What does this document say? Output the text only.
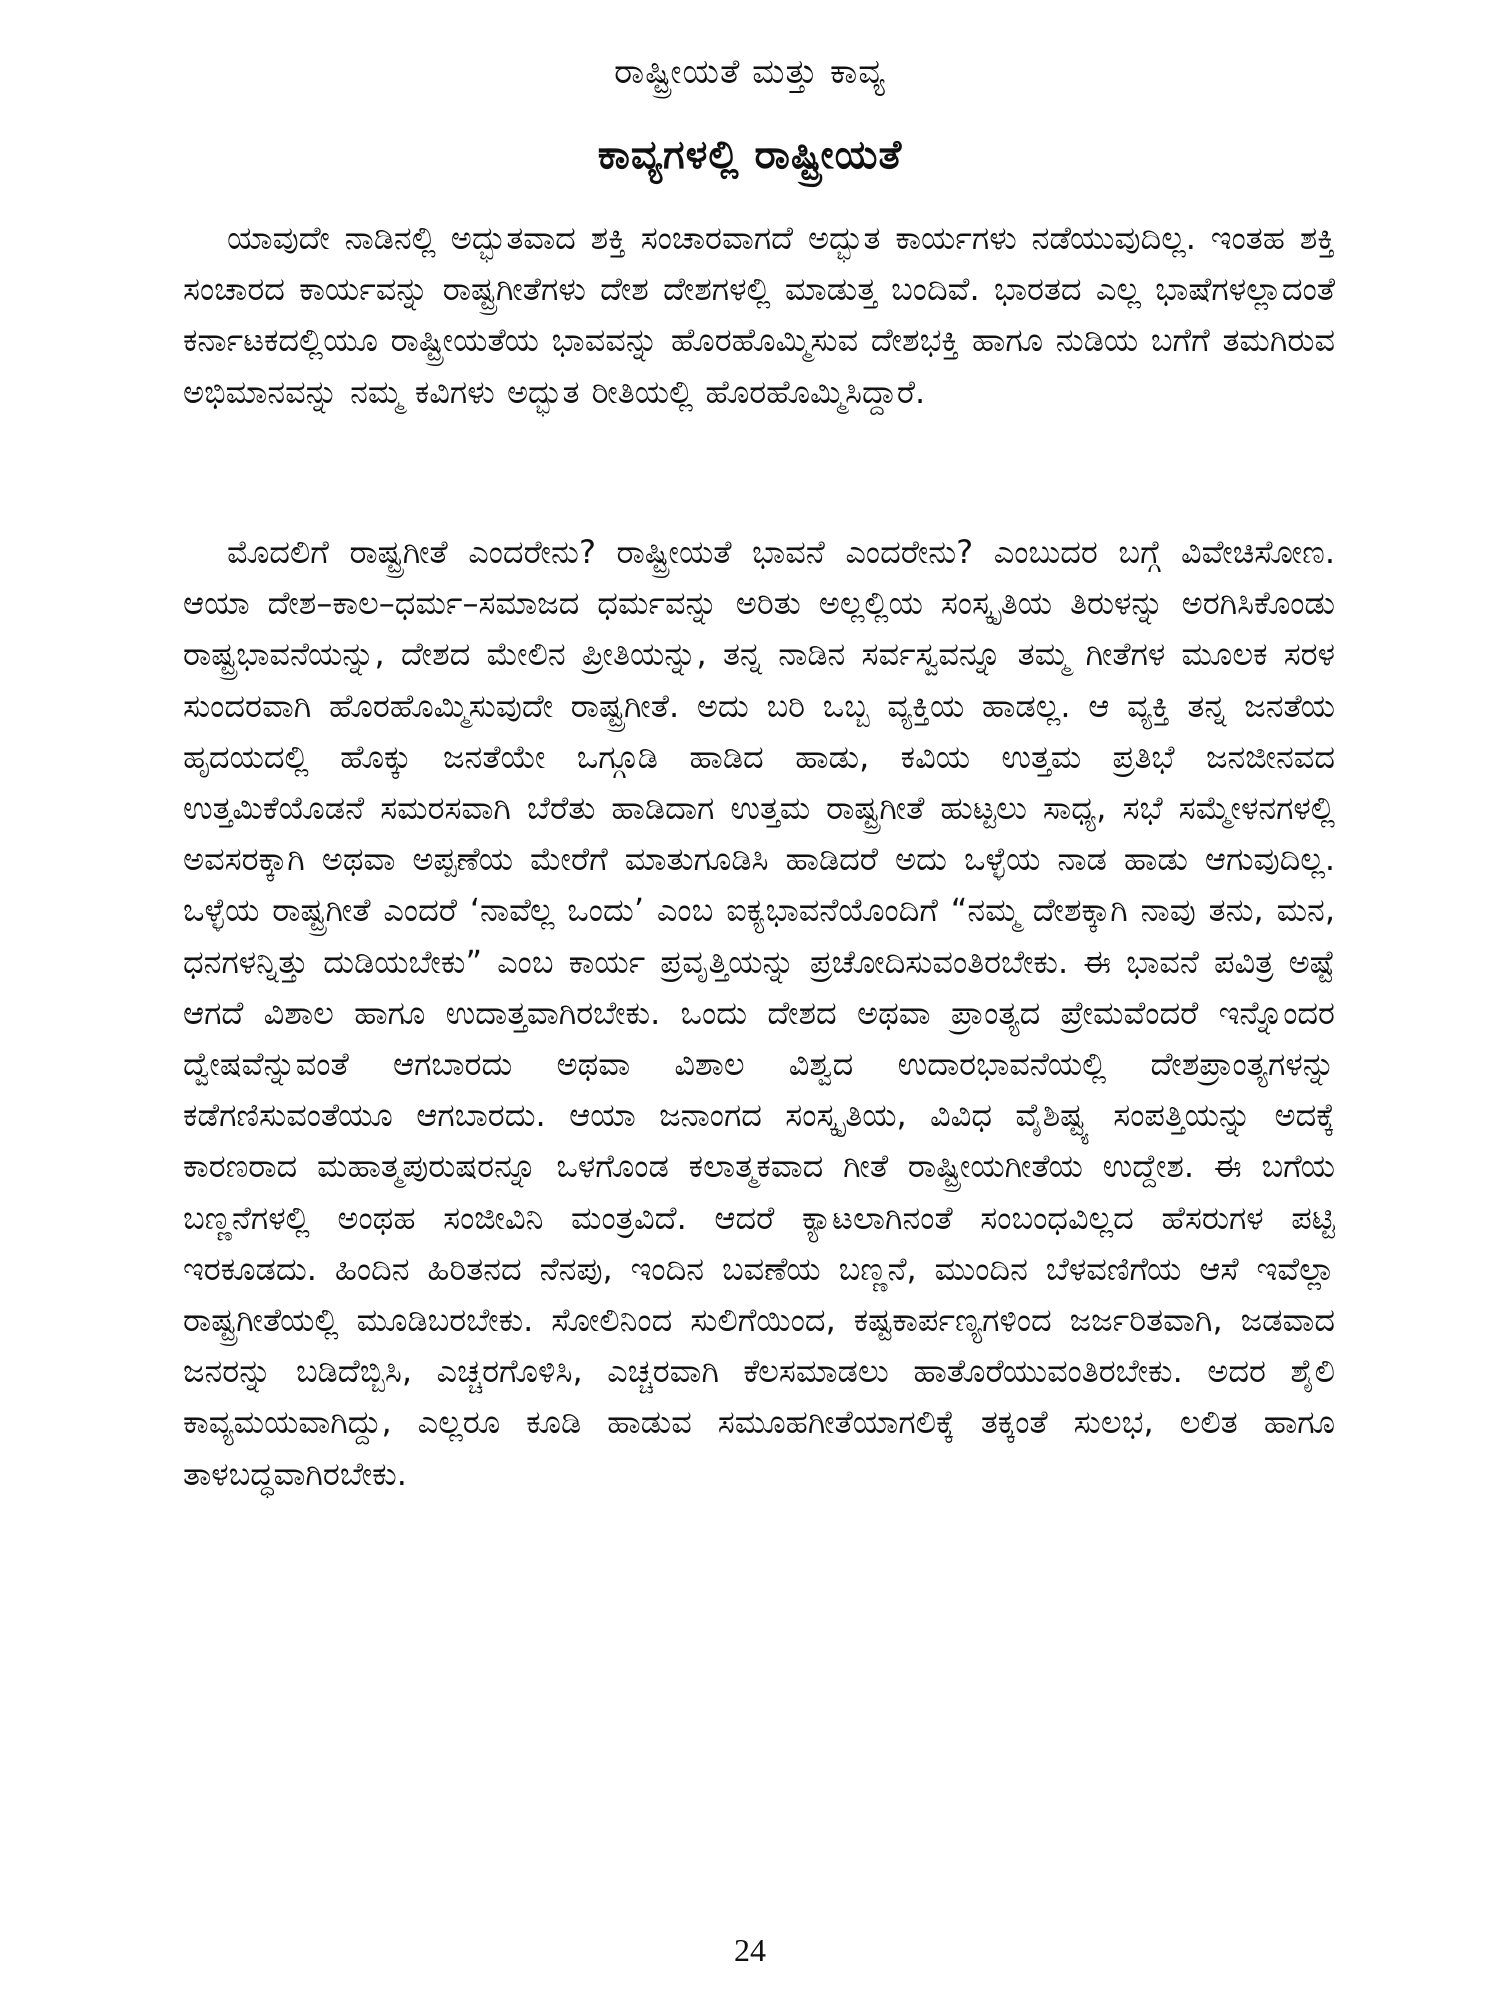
ರಾಷ್ಟ್ರೀಯತೆ ಮತ್ತು ಕಾವ್ಯ
ಕಾವ್ಯಗಳಲ್ಲಿ ರಾಷ್ಟ್ರೀಯತೆ

ಯಾವುದೇ ನಾಡಿನಲ್ಲಿ ಅದ್ಭುತವಾದ ಶಕ್ತಿ ಸಂಚಾರವಾಗದೆ ಅದ್ಭುತ ಕಾರ್ಯಗಳು ನಡೆಯುವುದಿಲ್ಲ. ಇಂತಹ ಶಕ್ತಿ ಸಂಚಾರದ ಕಾರ್ಯವನ್ನು ರಾಷ್ಟ್ರಗೀತೆಗಳು ದೇಶ ದೇಶಗಳಲ್ಲಿ ಮಾಡುತ್ತ ಬಂದಿವೆ. ಭಾರತದ ಎಲ್ಲ ಭಾಷೆಗಳಲ್ಲಾದಂತೆ ಕರ್ನಾಟಕದಲ್ಲಿಯೂ ರಾಷ್ಟ್ರೀಯತೆಯ ಭಾವವನ್ನು ಹೊರಹೊಮ್ಮಿಸುವ ದೇಶಭಕ್ತಿ ಹಾಗೂ ನುಡಿಯ ಬಗೆಗೆ ತಮಗಿರುವ ಅಭಿಮಾನವನ್ನು ನಮ್ಮ ಕವಿಗಳು ಅದ್ಭುತ ರೀತಿಯಲ್ಲಿ ಹೊರಹೊಮ್ಮಿಸಿದ್ದಾರೆ.

ಮೊದಲಿಗೆ ರಾಷ್ಟ್ರಗೀತೆ ಎಂದರೇನು? ರಾಷ್ಟ್ರೀಯತೆ ಭಾವನೆ ಎಂದರೇನು? ಎಂಬುದರ ಬಗ್ಗೆ ವಿವೇಚಿಸೋಣ. ಆಯಾ ದೇಶ–ಕಾಲ–ಧರ್ಮ–ಸಮಾಜದ ಧರ್ಮವನ್ನು ಅರಿತು ಅಲ್ಲಲ್ಲಿಯ ಸಂಸ್ಕೃತಿಯ ತಿರುಳನ್ನು ಅರಗಿಸಿಕೊಂಡು ರಾಷ್ಟ್ರಭಾವನೆಯನ್ನು, ದೇಶದ ಮೇಲಿನ ಪ್ರೀತಿಯನ್ನು, ತನ್ನ ನಾಡಿನ ಸರ್ವಸ್ವವನ್ನೂ ತಮ್ಮ ಗೀತೆಗಳ ಮೂಲಕ ಸರಳ ಸುಂದರವಾಗಿ ಹೊರಹೊಮ್ಮಿಸುವುದೇ ರಾಷ್ಟ್ರಗೀತೆ. ಅದು ಬರಿ ಒಬ್ಬ ವ್ಯಕ್ತಿಯ ಹಾಡಲ್ಲ. ಆ ವ್ಯಕ್ತಿ ತನ್ನ ಜನತೆಯ ಹೃದಯದಲ್ಲಿ ಹೊಕ್ಕು ಜನತೆಯೇ ಒಗ್ಗೂಡಿ ಹಾಡಿದ ಹಾಡು, ಕವಿಯ ಉತ್ತಮ ಪ್ರತಿಭೆ ಜನಜೀನವದ ಉತ್ತಮಿಕೆಯೊಡನೆ ಸಮರಸವಾಗಿ ಬೆರೆತು ಹಾಡಿದಾಗ ಉತ್ತಮ ರಾಷ್ಟ್ರಗೀತೆ ಹುಟ್ಟಲು ಸಾಧ್ಯ, ಸಭೆ ಸಮ್ಮೇಳನಗಳಲ್ಲಿ ಅವಸರಕ್ಕಾಗಿ ಅಥವಾ ಅಪ್ಪಣೆಯ ಮೇರೆಗೆ ಮಾತುಗೂಡಿಸಿ ಹಾಡಿದರೆ ಅದು ಒಳ್ಳೆಯ ನಾಡ ಹಾಡು ಆಗುವುದಿಲ್ಲ. ಒಳ್ಳೆಯ ರಾಷ್ಟ್ರಗೀತೆ ಎಂದರೆ ‘ನಾವೆಲ್ಲ ಒಂದು’ ಎಂಬ ಐಕ್ಯಭಾವನೆಯೊಂದಿಗೆ “ನಮ್ಮ ದೇಶಕ್ಕಾಗಿ ನಾವು ತನು, ಮನ, ಧನಗಳನ್ನಿತ್ತು ದುಡಿಯಬೇಕು” ಎಂಬ ಕಾರ್ಯ ಪ್ರವೃತ್ತಿಯನ್ನು ಪ್ರಚೋದಿಸುವಂತಿರಬೇಕು. ಈ ಭಾವನೆ ಪವಿತ್ರ ಅಷ್ಟೆ ಆಗದೆ ವಿಶಾಲ ಹಾಗೂ ಉದಾತ್ತವಾಗಿರಬೇಕು. ಒಂದು ದೇಶದ ಅಥವಾ ಪ್ರಾಂತ್ಯದ ಪ್ರೇಮವೆಂದರೆ ಇನ್ನೊಂದರ ದ್ವೇಷವೆನ್ನುವಂತೆ ಆಗಬಾರದು ಅಥವಾ ವಿಶಾಲ ವಿಶ್ವದ ಉದಾರಭಾವನೆಯಲ್ಲಿ ದೇಶಪ್ರಾಂತ್ಯಗಳನ್ನು ಕಡೆಗಣಿಸುವಂತೆಯೂ ಆಗಬಾರದು. ಆಯಾ ಜನಾಂಗದ ಸಂಸ್ಕೃತಿಯ, ವಿವಿಧ ವೈಶಿಷ್ಟ್ಯ ಸಂಪತ್ತಿಯನ್ನು ಅದಕ್ಕೆ ಕಾರಣರಾದ ಮಹಾತ್ಮಪುರುಷರನ್ನೂ ಒಳಗೊಂಡ ಕಲಾತ್ಮಕವಾದ ಗೀತೆ ರಾಷ್ಟ್ರೀಯಗೀತೆಯ ಉದ್ದೇಶ. ಈ ಬಗೆಯ ಬಣ್ಣನೆಗಳಲ್ಲಿ ಅಂಥಹ ಸಂಜೀವಿನಿ ಮಂತ್ರವಿದೆ. ಆದರೆ ಕ್ಯಾಟಲಾಗಿನಂತೆ ಸಂಬಂಧವಿಲ್ಲದ ಹೆಸರುಗಳ ಪಟ್ಟಿ ಇರಕೂಡದು. ಹಿಂದಿನ ಹಿರಿತನದ ನೆನಪು, ಇಂದಿನ ಬವಣೆಯ ಬಣ್ಣನೆ, ಮುಂದಿನ ಬೆಳವಣಿಗೆಯ ಆಸೆ ಇವೆಲ್ಲಾ ರಾಷ್ಟ್ರಗೀತೆಯಲ್ಲಿ ಮೂಡಿಬರಬೇಕು. ಸೋಲಿನಿಂದ ಸುಲಿಗೆಯಿಂದ, ಕಷ್ಟಕಾರ್ಪಣ್ಯಗಳಿಂದ ಜರ್ಜರಿತವಾಗಿ, ಜಡವಾದ ಜನರನ್ನು ಬಡಿದೆಬ್ಬಿಸಿ, ಎಚ್ಚರಗೊಳಿಸಿ, ಎಚ್ಚರವಾಗಿ ಕೆಲಸಮಾಡಲು ಹಾತೊರೆಯುವಂತಿರಬೇಕು. ಅದರ ಶೈಲಿ ಕಾವ್ಯಮಯವಾಗಿದ್ದು, ಎಲ್ಲರೂ ಕೂಡಿ ಹಾಡುವ ಸಮೂಹಗೀತೆಯಾಗಲಿಕ್ಕೆ ತಕ್ಕಂತೆ ಸುಲಭ, ಲಲಿತ ಹಾಗೂ ತಾಳಬದ್ಧವಾಗಿರಬೇಕು.

24
